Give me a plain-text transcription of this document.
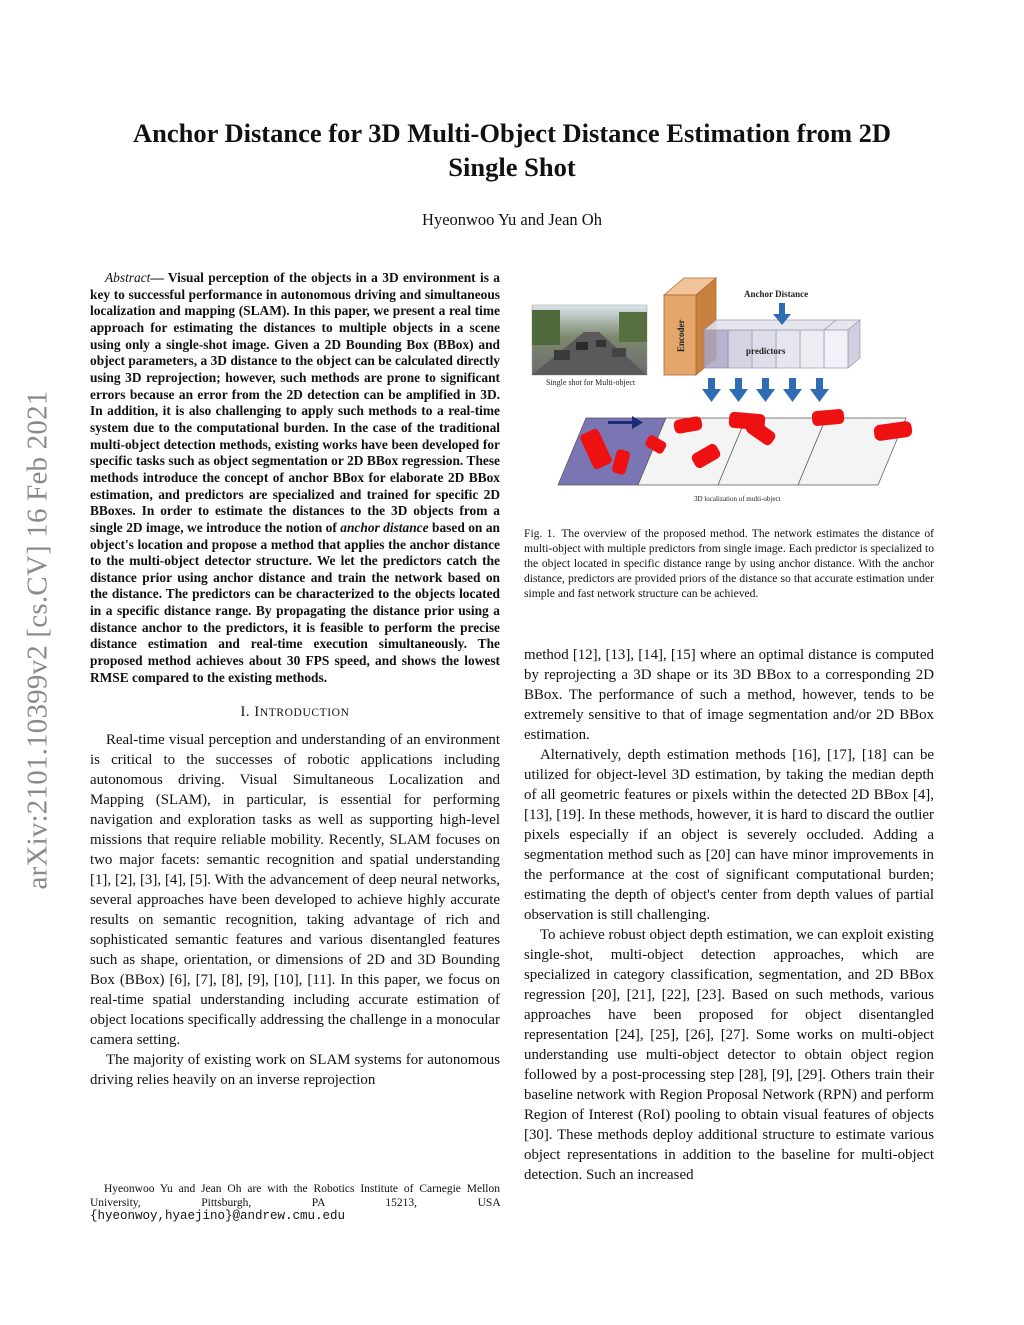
arXiv:2101.10399v2 [cs.CV] 16 Feb 2021
Anchor Distance for 3D Multi-Object Distance Estimation from 2D Single Shot
Hyeonwoo Yu and Jean Oh

Abstract— Visual perception of the objects in a 3D environment is a key to successful performance in autonomous driving and simultaneous localization and mapping (SLAM). In this paper, we present a real time approach for estimating the distances to multiple objects in a scene using only a single-shot image. Given a 2D Bounding Box (BBox) and object parameters, a 3D distance to the object can be calculated directly using 3D reprojection; however, such methods are prone to significant errors because an error from the 2D detection can be amplified in 3D. In addition, it is also challenging to apply such methods to a real-time system due to the computational burden. In the case of the traditional multi-object detection methods, existing works have been developed for specific tasks such as object segmentation or 2D BBox regression. These methods introduce the concept of anchor BBox for elaborate 2D BBox estimation, and predictors are specialized and trained for specific 2D BBoxes. In order to estimate the distances to the 3D objects from a single 2D image, we introduce the notion of anchor distance based on an object's location and propose a method that applies the anchor distance to the multi-object detector structure. We let the predictors catch the distance prior using anchor distance and train the network based on the distance. The predictors can be characterized to the objects located in a specific distance range. By propagating the distance prior using a distance anchor to the predictors, it is feasible to perform the precise distance estimation and real-time execution simultaneously. The proposed method achieves about 30 FPS speed, and shows the lowest RMSE compared to the existing methods.

I. INTRODUCTION

Real-time visual perception and understanding of an environment is critical to the successes of robotic applications including autonomous driving. Visual Simultaneous Localization and Mapping (SLAM), in particular, is essential for performing navigation and exploration tasks as well as supporting high-level missions that require reliable mobility. Recently, SLAM focuses on two major facets: semantic recognition and spatial understanding [1], [2], [3], [4], [5]. With the advancement of deep neural networks, several approaches have been developed to achieve highly accurate results on semantic recognition, taking advantage of rich and sophisticated semantic features and various disentangled features such as shape, orientation, or dimensions of 2D and 3D Bounding Box (BBox) [6], [7], [8], [9], [10], [11]. In this paper, we focus on real-time spatial understanding including accurate estimation of object locations specifically addressing the challenge in a monocular camera setting.

The majority of existing work on SLAM systems for autonomous driving relies heavily on an inverse reprojection

Hyeonwoo Yu and Jean Oh are with the Robotics Institute of Carnegie Mellon University, Pittsburgh, PA 15213, USA {hyeonwoy,hyaejino}@andrew.cmu.edu
Single shot for Multi-object
Encoder	predictors
Anchor Distance
3D localization of multi-object
Fig. 1. The overview of the proposed method. The network estimates the distance of multi-object with multiple predictors from single image. Each predictor is specialized to the object located in specific distance range by using anchor distance. With the anchor distance, predictors are provided priors of the distance so that accurate estimation under simple and fast network structure can be achieved.

method [12], [13], [14], [15] where an optimal distance is computed by reprojecting a 3D shape or its 3D BBox to a corresponding 2D BBox. The performance of such a method, however, tends to be extremely sensitive to that of image segmentation and/or 2D BBox estimation.

Alternatively, depth estimation methods [16], [17], [18] can be utilized for object-level 3D estimation, by taking the median depth of all geometric features or pixels within the detected 2D BBox [4], [13], [19]. In these methods, however, it is hard to discard the outlier pixels especially if an object is severely occluded. Adding a segmentation method such as [20] can have minor improvements in the performance at the cost of significant computational burden; estimating the depth of object's center from depth values of partial observation is still challenging.

To achieve robust object depth estimation, we can exploit existing single-shot, multi-object detection approaches, which are specialized in category classification, segmentation, and 2D BBox regression [20], [21], [22], [23]. Based on such methods, various approaches have been proposed for object disentangled representation [24], [25], [26], [27]. Some works on multi-object understanding use multi-object detector to obtain object region followed by a post-processing step [28], [9], [29]. Others train their baseline network with Region Proposal Network (RPN) and perform Region of Interest (RoI) pooling to obtain visual features of objects [30]. These methods deploy additional structure to estimate various object representations in addition to the baseline for multi-object detection. Such an increased
